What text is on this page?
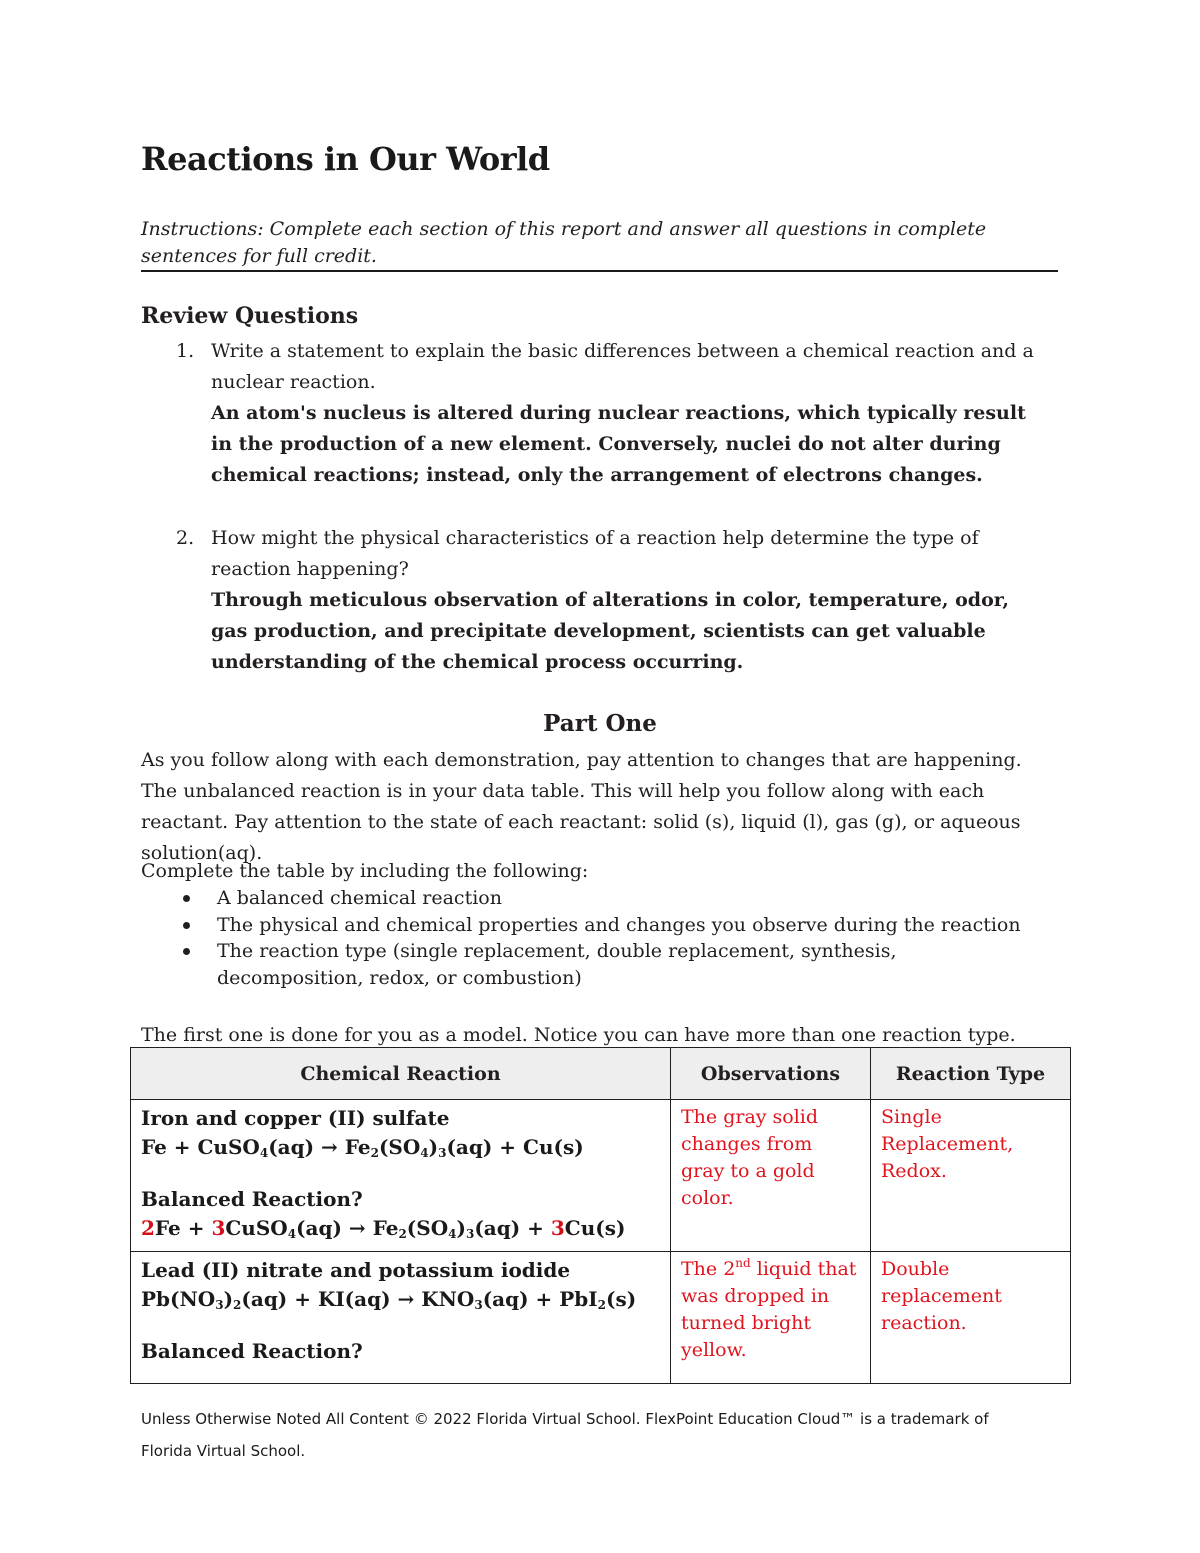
Reactions in Our World

Instructions: Complete each section of this report and answer all questions in complete sentences for full credit.

Review Questions
1. Write a statement to explain the basic differences between a chemical reaction and a nuclear reaction.
An atom's nucleus is altered during nuclear reactions, which typically result in the production of a new element. Conversely, nuclei do not alter during chemical reactions; instead, only the arrangement of electrons changes.
2. How might the physical characteristics of a reaction help determine the type of reaction happening?
Through meticulous observation of alterations in color, temperature, odor, gas production, and precipitate development, scientists can get valuable understanding of the chemical process occurring.
Part One

As you follow along with each demonstration, pay attention to changes that are happening. The unbalanced reaction is in your data table. This will help you follow along with each reactant. Pay attention to the state of each reactant: solid (s), liquid (l), gas (g), or aqueous solution(aq).

Complete the table by including the following:

A balanced chemical reaction
The physical and chemical properties and changes you observe during the reaction
The reaction type (single replacement, double replacement, synthesis, decomposition, redox, or combustion)

The first one is done for you as a model. Notice you can have more than one reaction type.

Chemical Reaction	Observations	Reaction Type

Iron and copper (II) sulfate
Fe + CuSO$_4$(aq) → $Fe_2(SO_4)_3(aq) + Cu(s)$
Balanced Reaction?
2Fe + 3CuSO$_4$(aq) → $Fe_2(SO_4)_3(aq) + 3Cu(s)$	The gray solid changes from gray to a gold color.	Single Replacement, Redox.

Lead (II) nitrate and potassium iodide
$Pb(NO_3)_2(aq) + KI(aq) \to KNO_3(aq) + PbI_2(s)$
Balanced Reaction?	The 2nd liquid that was dropped in turned bright yellow.	Double replacement reaction.

Unless Otherwise Noted All Content © 2022 Florida Virtual School. FlexPoint Education Cloud™ is a trademark of Florida Virtual School.
